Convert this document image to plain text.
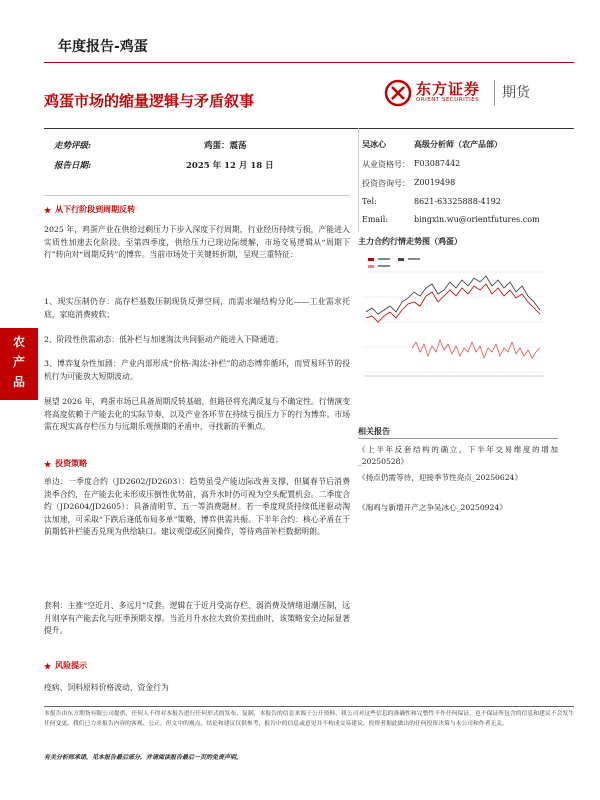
年度报告-鸡蛋
鸡蛋市场的缩量逻辑与矛盾叙事
东方证券
ORIENT SECURITIES 期货
走势评级:	鸡蛋：震荡
报告日期:	2025 年 12 月 18 日
吴冰心	高级分析师（农产品部）
从业资格号： F03087442
投资咨询号： Z0019498
Tel:	8621-63325888-4192
Email:	bingxin.wu@orientfutures.com
农
产
品
★ 从下行阶段到周期反转
2025 年，鸡蛋产业在供给过剩压力下步入深度下行周期，行业经历持续亏损，产能进入实质性加速去化阶段。至第四季度，供给压力已现边际缓解，市场交易逻辑从“周期下行”转向对“周期反转”的博弈。当前市场处于关键转折期，呈现三重特征：
1、现实压制仍存：高存栏基数压制现货反弹空间，而需求端结构分化——工业需求托底，家庭消费疲软；
2、阶段性供需动态：低补栏与加速淘汰共同驱动产能进入下降通道；
3、博弈复杂性加剧：产业内部形成“价格-淘汰-补栏”的动态博弈循环，而贸易环节的投机行为可能放大短期波动。
展望 2026 年，鸡蛋市场已具备周期反转基础，但路径将充满反复与不确定性。行情演变将高度依赖于产能去化的实际节奏，以及产业各环节在持续亏损压力下的行为博弈。市场需在现实高存栏压力与远期乐观预期的矛盾中，寻找新的平衡点。
★ 投资策略
单边：一季度合约（JD2602/JD2603）：趋势虽受产能边际改善支撑，但属春节后消费淡季合约，在产能去化未形成压倒性优势前，高升水时仍可视为空头配置机会。二季度合约（JD2604/JD2605）：具备清明节、五一等消费题材。若一季度现货持续低迷驱动淘汰加速，可采取“下跌后逢低布局多单”策略，博弈供需共振。下半年合约：核心矛盾在于前期低补栏能否兑现为供给缺口。建议观望或区间操作，等待鸡苗补栏数据明朗。
套利：主推“空近月、多远月”反套。逻辑在于近月受高存栏、弱消费及情绪退潮压制，远月则享有产能去化与旺季预期支撑。当近月升水拉大致价差扭曲时，该策略安全边际显著提升。
★ 风险提示
疫病、饲料原料价格波动、资金行为
主力合约行情走势图（鸡蛋）
相关报告
《上半年反套结构的确立，下半年交易维度的增加_20250528》
《扬点仍需等待，迎接季节性亮点_20250624》
《淘鸡与新增开产之争吴冰心_20250924》
本报告由东方期货有限公司提供，任何人不得对本报告进行任何形式的发布、复制，本报告的信息来源于公开资料，我公司对这些信息的准确性和完整性不作任何保证，也不保证所包含的信息和建议不会发生任何变更。我们已力求报告内容的客观、公正，但文中的观点、结论和建议仅供参考，报告中的信息或意见并不构成交易建议，投资者据此做出的任何投资决策与本公司和作者无关。
有关分析师承诺，见本报告最后部分，并请阅读报告最后一页的免责声明。
